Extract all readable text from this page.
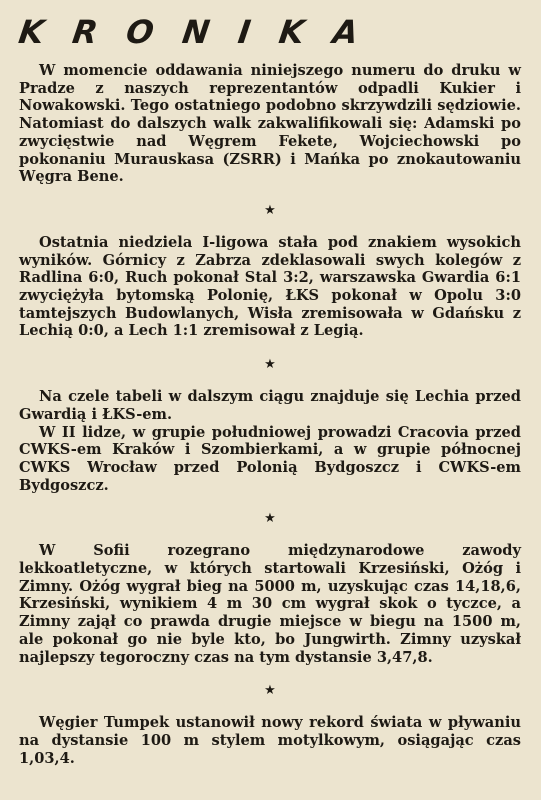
KRONIKA

W momencie oddawania niniejszego numeru do druku w Pradze z naszych reprezentantów odpadli Kukier i Nowakowski. Tego ostatniego podobno skrzywdzili sędziowie. Natomiast do dalszych walk zakwalifikowali się: Adamski po zwycięstwie nad Węgrem Fekete, Wojciechowski po pokonaniu Murauskasa (ZSRR) i Mańka po znokautowaniu Węgra Bene.

★

Ostatnia niedziela I-ligowa stała pod znakiem wysokich wyników. Górnicy z Zabrza zdeklasowali swych kolegów z Radlina 6:0, Ruch pokonał Stal 3:2, warszawska Gwardia 6:1 zwyciężyła bytomską Polonię, ŁKS pokonał w Opolu 3:0 tamtejszych Budowlanych, Wisła zremisowała w Gdańsku z Lechią 0:0, a Lech 1:1 zremisował z Legią.

★

Na czele tabeli w dalszym ciągu znajduje się Lechia przed Gwardią i ŁKS-em.

W II lidze, w grupie południowej prowadzi Cracovia przed CWKS-em Kraków i Szombierkami, a w grupie północnej CWKS Wrocław przed Polonią Bydgoszcz i CWKS-em Bydgoszcz.

★

W Sofii rozegrano międzynarodowe zawody lekkoatletyczne, w których startowali Krzesiński, Ożóg i Zimny. Ożóg wygrał bieg na 5000 m, uzyskując czas 14,18,6, Krzesiński, wynikiem 4 m 30 cm wygrał skok o tyczce, a Zimny zajął co prawda drugie miejsce w biegu na 1500 m, ale pokonał go nie byle kto, bo Jungwirth. Zimny uzyskał najlepszy tegoroczny czas na tym dystansie 3,47,8.

★

Węgier Tumpek ustanowił nowy rekord świata w pływaniu na dystansie 100 m stylem motylkowym, osiągając czas 1,03,4.
